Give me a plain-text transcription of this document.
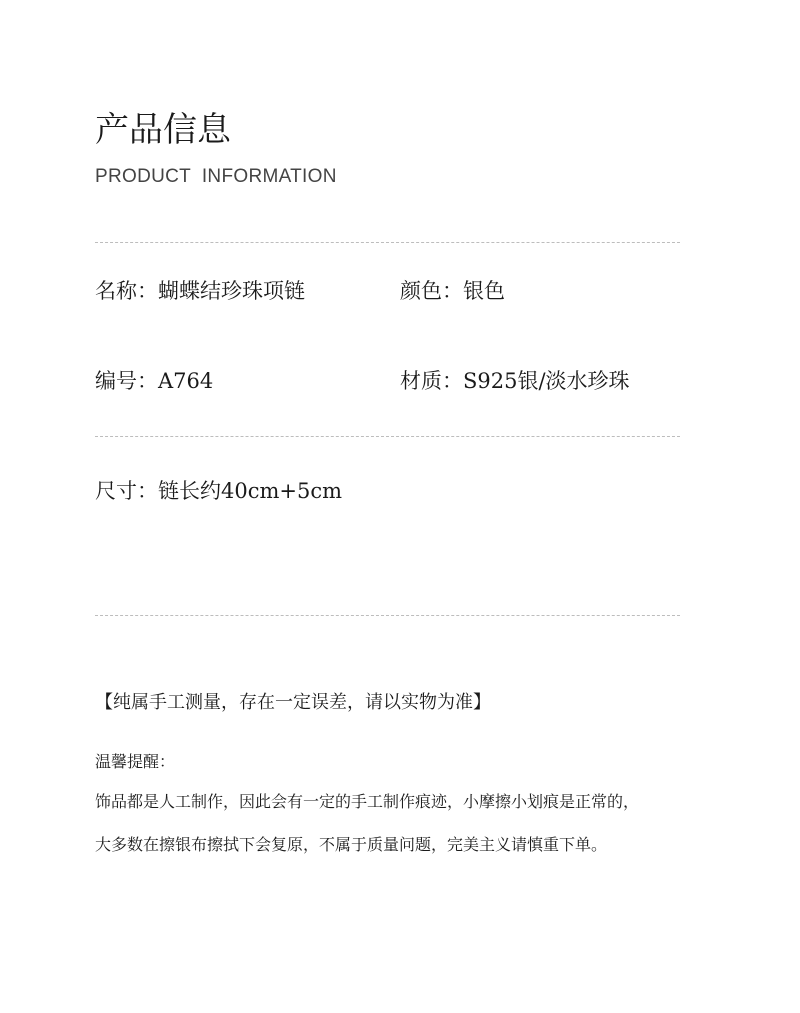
产品信息
PRODUCT  INFORMATION
名称：蝴蝶结珍珠项链	颜色：银色
编号：A764	材质：S925银/淡水珍珠
尺寸：链长约40cm+5cm
【纯属手工测量，存在一定误差，请以实物为准】
温馨提醒：
饰品都是人工制作，因此会有一定的手工制作痕迹，小摩擦小划痕是正常的，
大多数在擦银布擦拭下会复原，不属于质量问题，完美主义请慎重下单。
